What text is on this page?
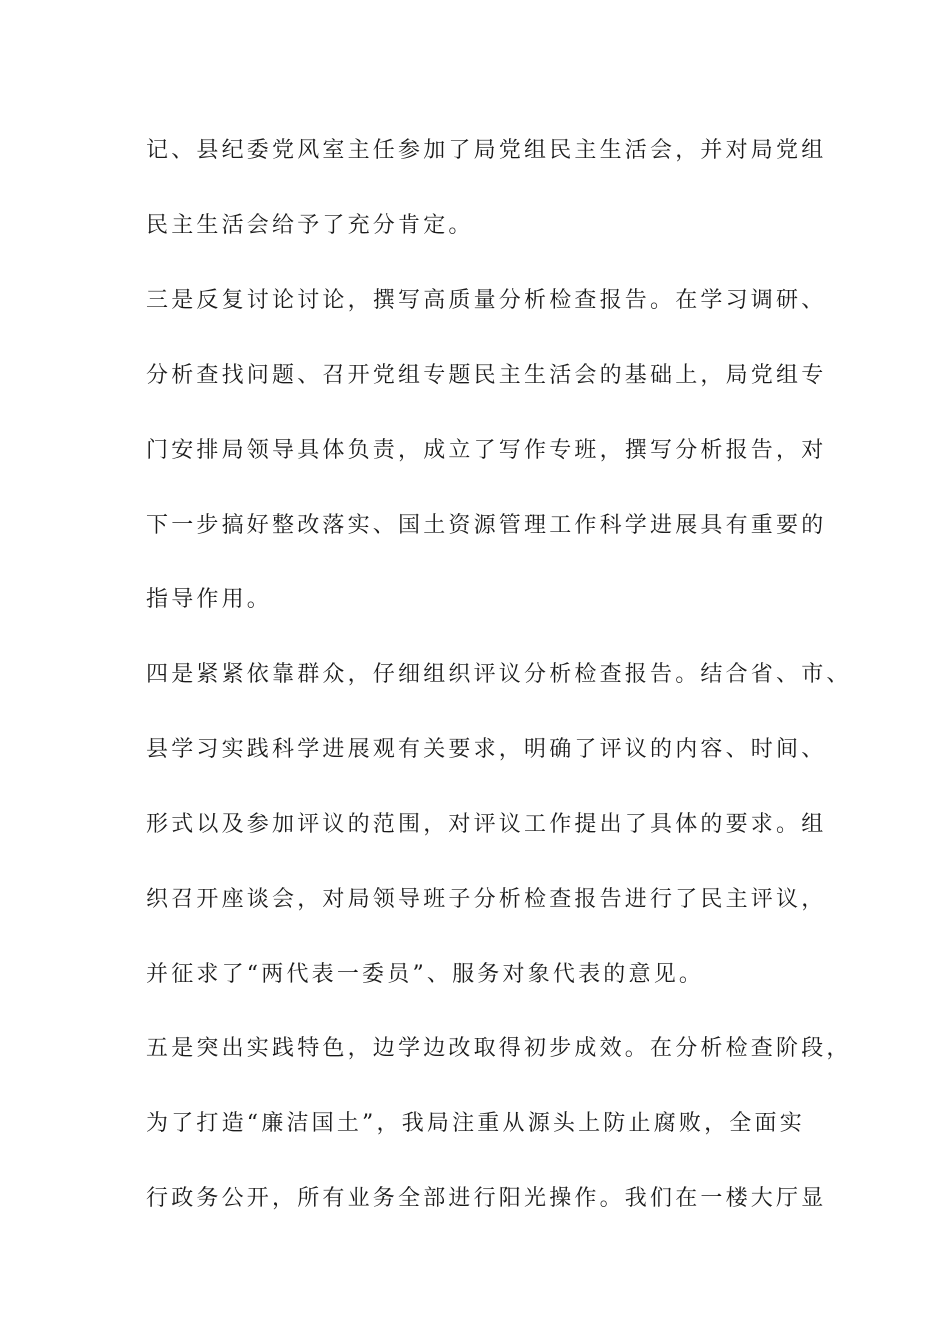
记、县纪委党风室主任参加了局党组民主生活会，并对局党组
民主生活会给予了充分肯定。
三是反复讨论讨论，撰写高质量分析检查报告。在学习调研、
分析查找问题、召开党组专题民主生活会的基础上，局党组专
门安排局领导具体负责，成立了写作专班，撰写分析报告，对
下一步搞好整改落实、国土资源管理工作科学进展具有重要的
指导作用。
四是紧紧依靠群众，仔细组织评议分析检查报告。结合省、市、
县学习实践科学进展观有关要求，明确了评议的内容、时间、
形式以及参加评议的范围，对评议工作提出了具体的要求。组
织召开座谈会，对局领导班子分析检查报告进行了民主评议，
并征求了“两代表一委员”、服务对象代表的意见。
五是突出实践特色，边学边改取得初步成效。在分析检查阶段，
为了打造“廉洁国土”，我局注重从源头上防止腐败，全面实
行政务公开，所有业务全部进行阳光操作。我们在一楼大厅显
